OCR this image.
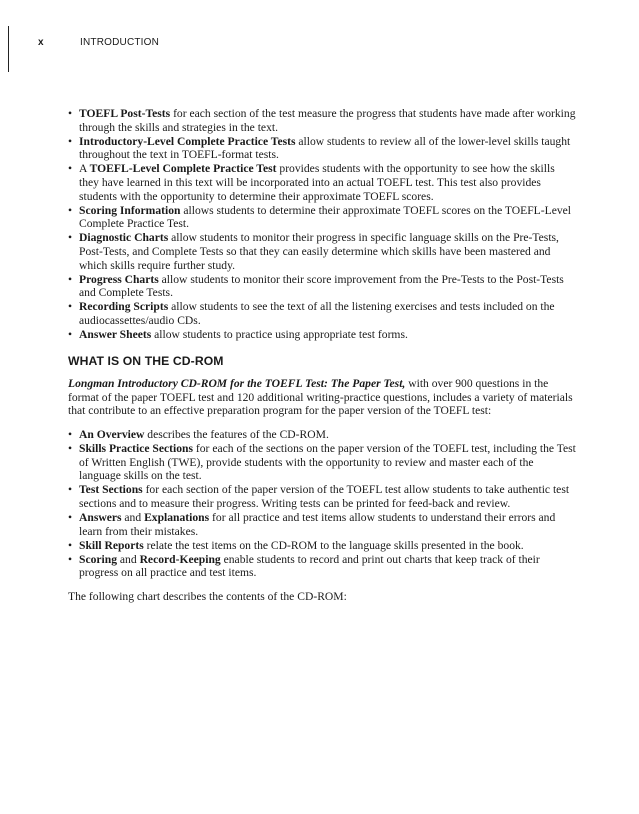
x	INTRODUCTION
• TOEFL Post-Tests for each section of the test measure the progress that students have made after working through the skills and strategies in the text.
• Introductory-Level Complete Practice Tests allow students to review all of the lower-level skills taught throughout the text in TOEFL-format tests.
• A TOEFL-Level Complete Practice Test provides students with the opportunity to see how the skills they have learned in this text will be incorporated into an actual TOEFL test. This test also provides students with the opportunity to determine their approximate TOEFL scores.
• Scoring Information allows students to determine their approximate TOEFL scores on the TOEFL-Level Complete Practice Test.
• Diagnostic Charts allow students to monitor their progress in specific language skills on the Pre-Tests, Post-Tests, and Complete Tests so that they can easily determine which skills have been mastered and which skills require further study.
• Progress Charts allow students to monitor their score improvement from the Pre-Tests to the Post-Tests and Complete Tests.
• Recording Scripts allow students to see the text of all the listening exercises and tests included on the audiocassettes/audio CDs.
• Answer Sheets allow students to practice using appropriate test forms.
WHAT IS ON THE CD-ROM

Longman Introductory CD-ROM for the TOEFL Test: The Paper Test, with over 900 questions in the format of the paper TOEFL test and 120 additional writing-practice questions, includes a variety of materials that contribute to an effective preparation program for the paper version of the TOEFL test:

• An Overview describes the features of the CD-ROM.
• Skills Practice Sections for each of the sections on the paper version of the TOEFL test, including the Test of Written English (TWE), provide students with the opportunity to review and master each of the language skills on the test.
• Test Sections for each section of the paper version of the TOEFL test allow students to take authentic test sections and to measure their progress. Writing tests can be printed for feed-back and review.
• Answers and Explanations for all practice and test items allow students to understand their errors and learn from their mistakes.
• Skill Reports relate the test items on the CD-ROM to the language skills presented in the book.
• Scoring and Record-Keeping enable students to record and print out charts that keep track of their progress on all practice and test items.

The following chart describes the contents of the CD-ROM:
